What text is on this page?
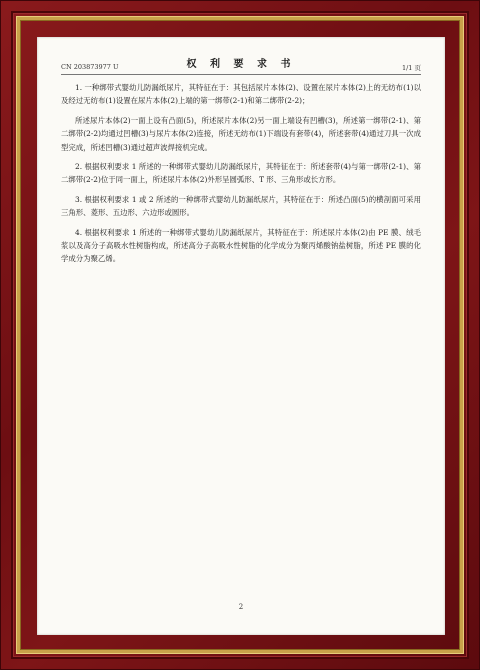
CN 203873977 U	权 利 要 求 书	1/1 页

1. 一种绑带式婴幼儿防漏纸尿片，其特征在于：其包括尿片本体(2)、设置在尿片本体(2)上的无纺布(1)以及经过无纺布(1)设置在尿片本体(2)上端的第一绑带(2-1)和第二绑带(2-2)；

所述尿片本体(2)一面上设有凸面(5)，所述尿片本体(2)另一面上端设有凹槽(3)，所述第一绑带(2-1)、第二绑带(2-2)均通过凹槽(3)与尿片本体(2)连接，所述无纺布(1)下端设有套带(4)，所述套带(4)通过刀具一次成型完成，所述凹槽(3)通过超声波焊接机完成。

2. 根据权利要求 1 所述的一种绑带式婴幼儿防漏纸尿片，其特征在于：所述套带(4)与第一绑带(2-1)、第二绑带(2-2)位于同一面上，所述尿片本体(2)外形呈圆弧形、T 形、三角形或长方形。

3. 根据权利要求 1 或 2 所述的一种绑带式婴幼儿防漏纸尿片，其特征在于：所述凸面(5)的横剖面可采用三角形、菱形、五边形、六边形或圆形。

4. 根据权利要求 1 所述的一种绑带式婴幼儿防漏纸尿片，其特征在于：所述尿片本体(2)由 PE 膜、绒毛浆以及高分子高吸水性树脂构成，所述高分子高吸水性树脂的化学成分为聚丙烯酸钠盐树脂，所述 PE 膜的化学成分为聚乙烯。

2
